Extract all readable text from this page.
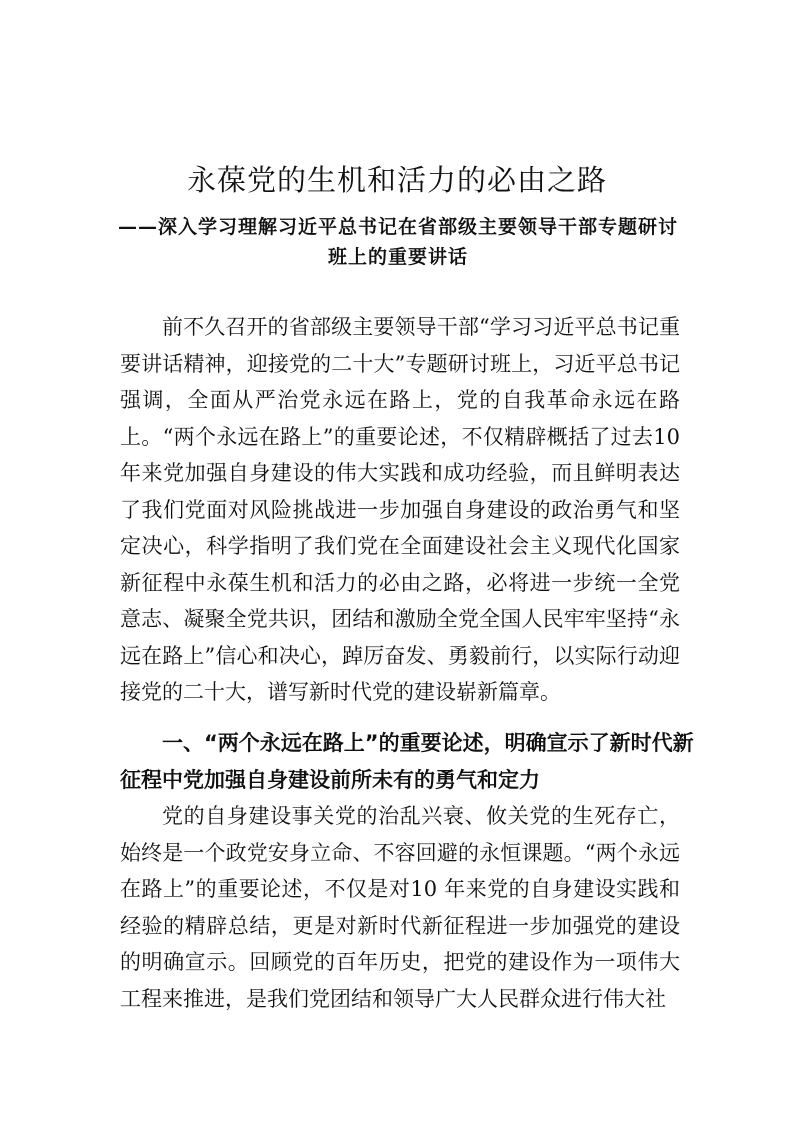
永葆党的生机和活力的必由之路
——深入学习理解习近平总书记在省部级主要领导干部专题研讨班上的重要讲话

前不久召开的省部级主要领导干部“学习习近平总书记重要讲话精神，迎接党的二十大”专题研讨班上，习近平总书记强调，全面从严治党永远在路上，党的自我革命永远在路上。“两个永远在路上”的重要论述，不仅精辟概括了过去10 年来党加强自身建设的伟大实践和成功经验，而且鲜明表达了我们党面对风险挑战进一步加强自身建设的政治勇气和坚定决心，科学指明了我们党在全面建设社会主义现代化国家新征程中永葆生机和活力的必由之路，必将进一步统一全党意志、凝聚全党共识，团结和激励全党全国人民牢牢坚持“永远在路上”信心和决心，踔厉奋发、勇毅前行，以实际行动迎接党的二十大，谱写新时代党的建设崭新篇章。

一、“两个永远在路上”的重要论述，明确宣示了新时代新征程中党加强自身建设前所未有的勇气和定力

党的自身建设事关党的治乱兴衰、攸关党的生死存亡，始终是一个政党安身立命、不容回避的永恒课题。“两个永远在路上”的重要论述，不仅是对10 年来党的自身建设实践和经验的精辟总结，更是对新时代新征程进一步加强党的建设的明确宣示。回顾党的百年历史，把党的建设作为一项伟大工程来推进，是我们党团结和领导广大人民群众进行伟大社
